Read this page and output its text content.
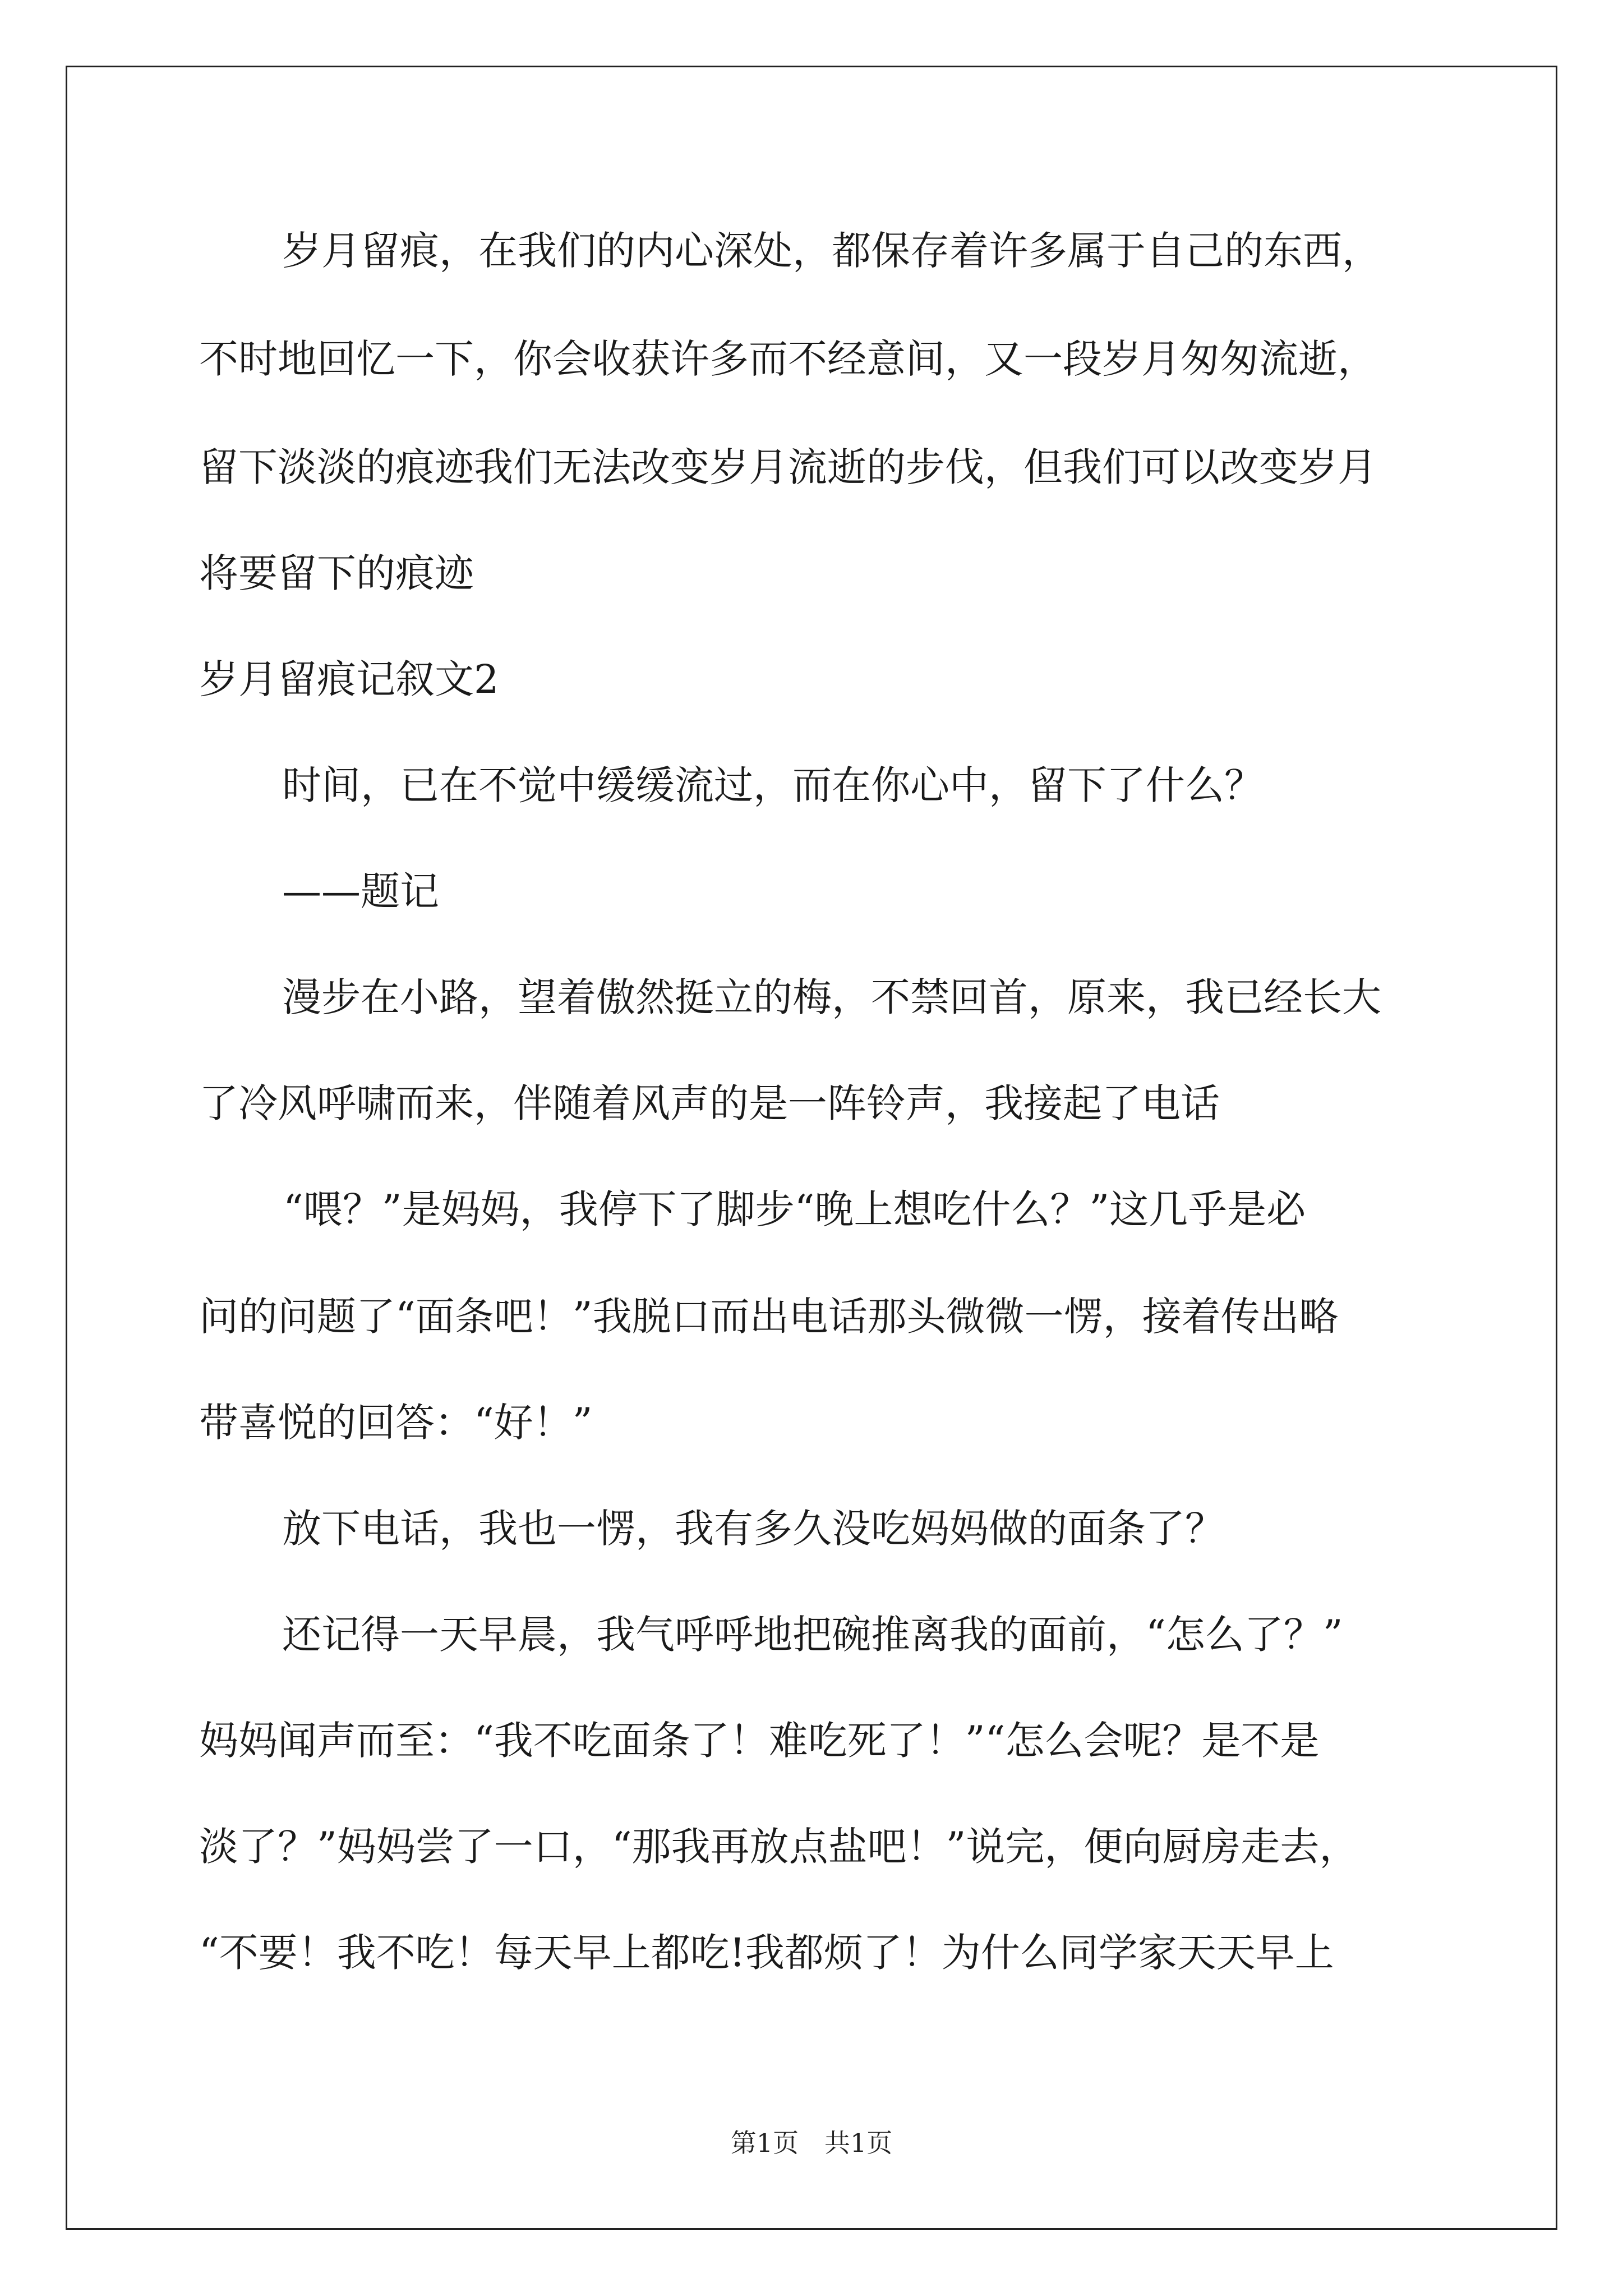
岁月留痕，在我们的内心深处，都保存着许多属于自己的东西，
不时地回忆一下，你会收获许多而不经意间，又一段岁月匆匆流逝，
留下淡淡的痕迹我们无法改变岁月流逝的步伐，但我们可以改变岁月
将要留下的痕迹
岁月留痕记叙文2
时间，已在不觉中缓缓流过，而在你心中，留下了什么？
——题记
漫步在小路，望着傲然挺立的梅，不禁回首，原来，我已经长大
了冷风呼啸而来，伴随着风声的是一阵铃声，我接起了电话
“喂？”是妈妈，我停下了脚步“晚上想吃什么？”这几乎是必
问的问题了“面条吧！”我脱口而出电话那头微微一愣，接着传出略
带喜悦的回答：“好！”
放下电话，我也一愣，我有多久没吃妈妈做的面条了？
还记得一天早晨，我气呼呼地把碗推离我的面前，“怎么了？”
妈妈闻声而至：“我不吃面条了！难吃死了！”“怎么会呢？是不是
淡了？”妈妈尝了一口，“那我再放点盐吧！”说完，便向厨房走去，
“不要！我不吃！每天早上都吃!我都烦了！为什么同学家天天早上
第1页　共1页
